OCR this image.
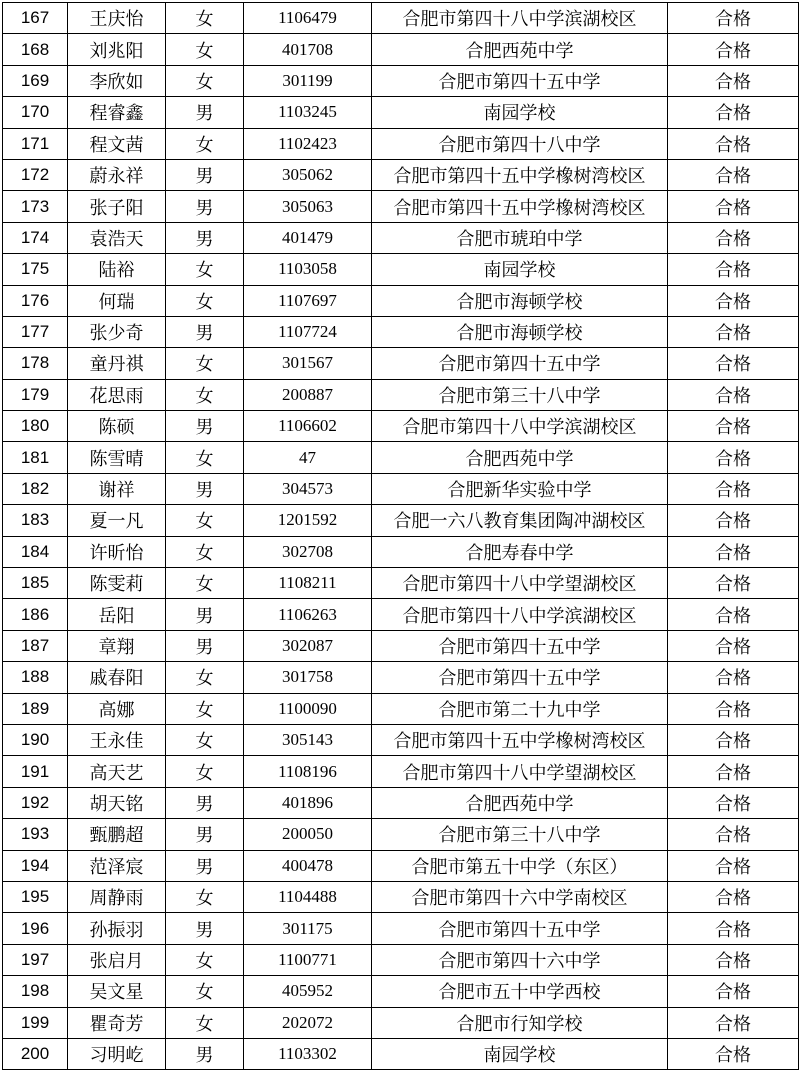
167	王庆怡	女	1106479	合肥市第四十八中学滨湖校区	合格
168	刘兆阳	女	401708	合肥西苑中学	合格
169	李欣如	女	301199	合肥市第四十五中学	合格
170	程睿鑫	男	1103245	南园学校	合格
171	程文茜	女	1102423	合肥市第四十八中学	合格
172	蔚永祥	男	305062	合肥市第四十五中学橡树湾校区	合格
173	张子阳	男	305063	合肥市第四十五中学橡树湾校区	合格
174	袁浩天	男	401479	合肥市琥珀中学	合格
175	陆裕	女	1103058	南园学校	合格
176	何瑞	女	1107697	合肥市海顿学校	合格
177	张少奇	男	1107724	合肥市海顿学校	合格
178	童丹祺	女	301567	合肥市第四十五中学	合格
179	花思雨	女	200887	合肥市第三十八中学	合格
180	陈硕	男	1106602	合肥市第四十八中学滨湖校区	合格
181	陈雪晴	女	47	合肥西苑中学	合格
182	谢祥	男	304573	合肥新华实验中学	合格
183	夏一凡	女	1201592	合肥一六八教育集团陶冲湖校区	合格
184	许昕怡	女	302708	合肥寿春中学	合格
185	陈雯莉	女	1108211	合肥市第四十八中学望湖校区	合格
186	岳阳	男	1106263	合肥市第四十八中学滨湖校区	合格
187	章翔	男	302087	合肥市第四十五中学	合格
188	戚春阳	女	301758	合肥市第四十五中学	合格
189	高娜	女	1100090	合肥市第二十九中学	合格
190	王永佳	女	305143	合肥市第四十五中学橡树湾校区	合格
191	高天艺	女	1108196	合肥市第四十八中学望湖校区	合格
192	胡天铭	男	401896	合肥西苑中学	合格
193	甄鹏超	男	200050	合肥市第三十八中学	合格
194	范泽宸	男	400478	合肥市第五十中学（东区）	合格
195	周静雨	女	1104488	合肥市第四十六中学南校区	合格
196	孙振羽	男	301175	合肥市第四十五中学	合格
197	张启月	女	1100771	合肥市第四十六中学	合格
198	吴文星	女	405952	合肥市五十中学西校	合格
199	瞿奇芳	女	202072	合肥市行知学校	合格
200	习明屹	男	1103302	南园学校	合格
